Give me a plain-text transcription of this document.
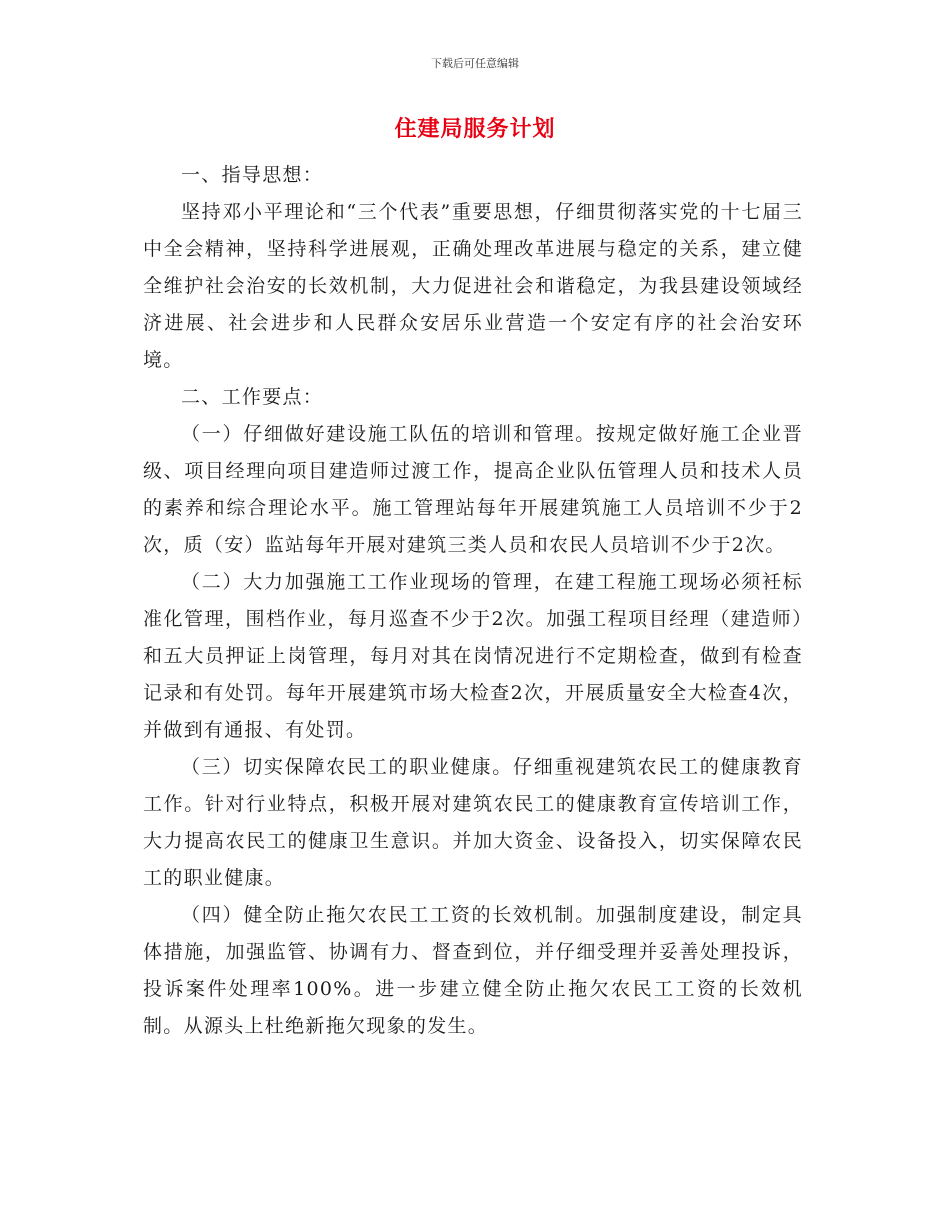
下载后可任意编辑
住建局服务计划

一、指导思想：

坚持邓小平理论和“三个代表”重要思想，仔细贯彻落实党的十七届三中全会精神，坚持科学进展观，正确处理改革进展与稳定的关系，建立健全维护社会治安的长效机制，大力促进社会和谐稳定，为我县建设领域经济进展、社会进步和人民群众安居乐业营造一个安定有序的社会治安环境。

二、工作要点：

（一）仔细做好建设施工队伍的培训和管理。按规定做好施工企业晋级、项目经理向项目建造师过渡工作，提高企业队伍管理人员和技术人员的素养和综合理论水平。施工管理站每年开展建筑施工人员培训不少于2次，质（安）监站每年开展对建筑三类人员和农民人员培训不少于2次。

（二）大力加强施工工作业现场的管理，在建工程施工现场必须衽标准化管理，围档作业，每月巡查不少于2次。加强工程项目经理（建造师）和五大员押证上岗管理，每月对其在岗情况进行不定期检查，做到有检查记录和有处罚。每年开展建筑市场大检查2次，开展质量安全大检查4次，并做到有通报、有处罚。

（三）切实保障农民工的职业健康。仔细重视建筑农民工的健康教育工作。针对行业特点，积极开展对建筑农民工的健康教育宣传培训工作，大力提高农民工的健康卫生意识。并加大资金、设备投入，切实保障农民工的职业健康。

（四）健全防止拖欠农民工工资的长效机制。加强制度建设，制定具体措施，加强监管、协调有力、督查到位，并仔细受理并妥善处理投诉，投诉案件处理率100%。进一步建立健全防止拖欠农民工工资的长效机制。从源头上杜绝新拖欠现象的发生。
